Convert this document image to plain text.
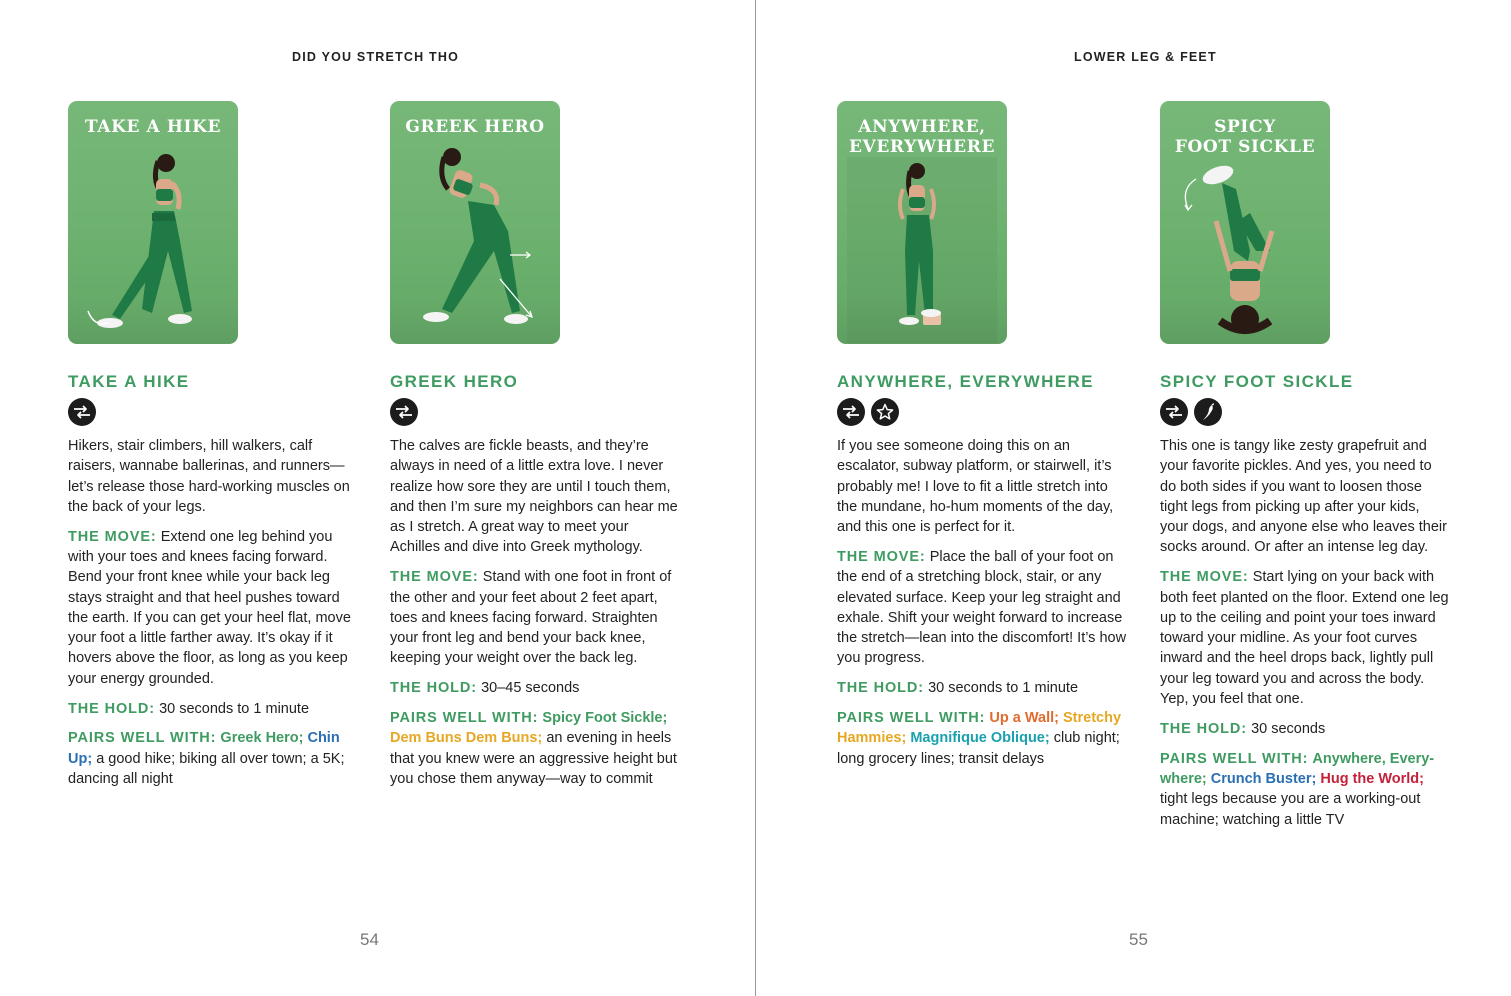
DID YOU STRETCH THO
TAKE A HIKE
TAKE A HIKE

Hikers, stair climbers, hill walkers, calf raisers, wannabe ballerinas, and runners—let’s release those hard-working muscles on the back of your legs.

THE MOVE: Extend one leg behind you with your toes and knees facing forward. Bend your front knee while your back leg stays straight and that heel pushes toward the earth. If you can get your heel flat, move your foot a little farther away. It’s okay if it hovers above the floor, as long as you keep your energy grounded.

THE HOLD: 30 seconds to 1 minute

PAIRS WELL WITH: Greek Hero; Chin Up; a good hike; biking all over town; a 5K; dancing all night

GREEK HERO
GREEK HERO

The calves are fickle beasts, and they’re always in need of a little extra love. I never realize how sore they are until I touch them, and then I’m sure my neighbors can hear me as I stretch. A great way to meet your Achilles and dive into Greek mythology.

THE MOVE: Stand with one foot in front of the other and your feet about 2 feet apart, toes and knees facing forward. Straighten your front leg and bend your back knee, keeping your weight over the back leg.

THE HOLD: 30–45 seconds

PAIRS WELL WITH: Spicy Foot Sickle; Dem Buns Dem Buns; an evening in heels that you knew were an aggressive height but you chose them anyway—way to commit

54
LOWER LEG & FEET
ANYWHERE,
EVERYWHERE
ANYWHERE, EVERYWHERE

If you see someone doing this on an escalator, subway platform, or stairwell, it’s probably me! I love to fit a little stretch into the mundane, ho-hum moments of the day, and this one is perfect for it.

THE MOVE: Place the ball of your foot on the end of a stretching block, stair, or any elevated surface. Keep your leg straight and exhale. Shift your weight forward to increase the stretch—lean into the discomfort! It’s how you progress.

THE HOLD: 30 seconds to 1 minute

PAIRS WELL WITH: Up a Wall; Stretchy Hammies; Magnifique Oblique; club night; long grocery lines; transit delays

SPICY
FOOT SICKLE
SPICY FOOT SICKLE

This one is tangy like zesty grapefruit and your favorite pickles. And yes, you need to do both sides if you want to loosen those tight legs from picking up after your kids, your dogs, and anyone else who leaves their socks around. Or after an intense leg day.

THE MOVE: Start lying on your back with both feet planted on the floor. Extend one leg up to the ceiling and point your toes inward toward your midline. As your foot curves inward and the heel drops back, lightly pull your leg toward you and across the body. Yep, you feel that one.

THE HOLD: 30 seconds

PAIRS WELL WITH: Anywhere, Every-where; Crunch Buster; Hug the World; tight legs because you are a working-out machine; watching a little TV

55
